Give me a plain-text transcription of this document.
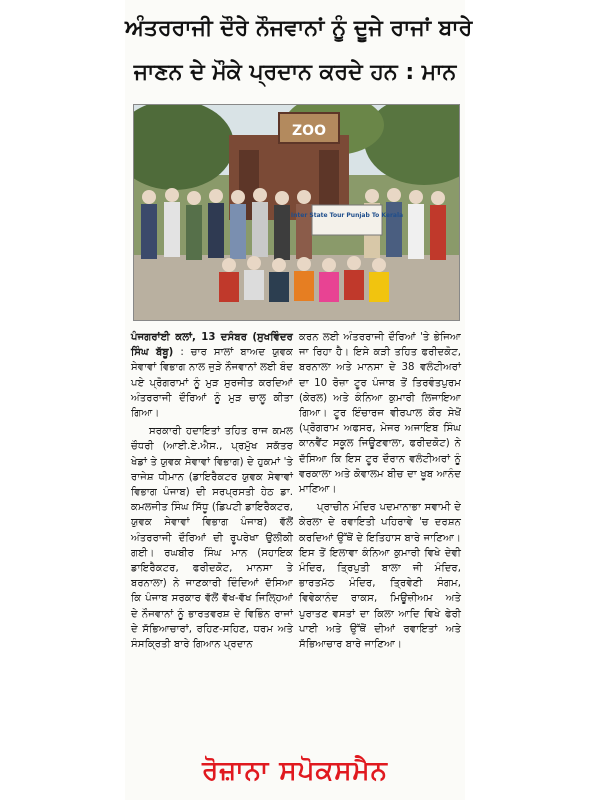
ਅੰਤਰਰਾਜੀ ਦੌਰੇ ਨੌਜਵਾਨਾਂ ਨੂੰ ਦੂਜੇ ਰਾਜਾਂ ਬਾਰੇ
ਜਾਣਨ ਦੇ ਮੌਕੇ ਪ੍ਰਦਾਨ ਕਰਦੇ ਹਨ : ਮਾਨ
ZOO
Inter State Tour Punjab To Kerala

ਪੰਜਗਰਾਂਈ ਕਲਾਂ, 13 ਦਸੰਬਰ (ਸੁਖਵਿੰਦਰ ਸਿੰਘ ਬੱਬੂ) : ਚਾਰ ਸਾਲਾਂ ਬਾਅਦ ਯੁਵਕ ਸੇਵਾਵਾਂ ਵਿਭਾਗ ਨਾਲ ਜੁੜੇ ਨੌਜਵਾਨਾਂ ਲਈ ਬੰਦ ਪਏ ਪ੍ਰੋਗਰਾਮਾਂ ਨੂੰ ਮੁੜ ਸੁਰਜੀਤ ਕਰਦਿਆਂ ਅੰਤਰਰਾਜੀ ਦੌਰਿਆਂ ਨੂੰ ਮੁੜ ਚਾਲੂ ਕੀਤਾ ਗਿਆ।

ਸਰਕਾਰੀ ਹਦਾਇਤਾਂ ਤਹਿਤ ਰਾਜ ਕਮਲ ਚੌਧਰੀ (ਆਈ.ਏ.ਐਸ., ਪ੍ਰਮੁੱਖ ਸਕੱਤਰ ਖੇਡਾਂ ਤੇ ਯੁਵਕ ਸੇਵਾਵਾਂ ਵਿਭਾਗ) ਦੇ ਹੁਕਮਾਂ 'ਤੇ ਰਾਜੇਸ਼ ਧੀਮਾਨ (ਡਾਇਰੈਕਟਰ ਯੁਵਕ ਸੇਵਾਵਾਂ ਵਿਭਾਗ ਪੰਜਾਬ) ਦੀ ਸਰਪ੍ਰਸਤੀ ਹੇਠ ਡਾ. ਕਮਲਜੀਤ ਸਿੰਘ ਸਿੱਧੂ (ਡਿਪਟੀ ਡਾਇਰੈਕਟਰ, ਯੁਵਕ ਸੇਵਾਵਾਂ ਵਿਭਾਗ ਪੰਜਾਬ) ਵੱਲੋਂ ਅੰਤਰਰਾਜੀ ਦੌਰਿਆਂ ਦੀ ਰੂਪਰੇਖਾ ਉਲੀਕੀ ਗਈ। ਰਘਬੀਰ ਸਿੰਘ ਮਾਨ (ਸਹਾਇਕ ਡਾਇਰੈਕਟਰ, ਫਰੀਦਕੋਟ, ਮਾਨਸਾ ਤੇ ਬਰਨਾਲਾ) ਨੇ ਜਾਣਕਾਰੀ ਦਿੰਦਿਆਂ ਦੱਸਿਆ ਕਿ ਪੰਜਾਬ ਸਰਕਾਰ ਵੱਲੋਂ ਵੱਖ-ਵੱਖ ਜਿਲ੍ਹਿਆਂ ਦੇ ਨੌਜਵਾਨਾਂ ਨੂੰ ਭਾਰਤਵਰਸ਼ ਦੇ ਵਿਭਿੰਨ ਰਾਜਾਂ ਦੇ ਸੱਭਿਆਚਾਰਾਂ, ਰਹਿਣ-ਸਹਿਣ, ਧਰਮ ਅਤੇ ਸੰਸਕ੍ਰਿਤੀ ਬਾਰੇ ਗਿਆਨ ਪ੍ਰਦਾਨ

ਕਰਨ ਲਈ ਅੰਤਰਰਾਜੀ ਦੌਰਿਆਂ 'ਤੇ ਭੇਜਿਆ ਜਾ ਰਿਹਾ ਹੈ। ਇਸੇ ਕੜੀ ਤਹਿਤ ਫਰੀਦਕੋਟ, ਬਰਨਾਲਾ ਅਤੇ ਮਾਨਸਾ ਦੇ 38 ਵਲੰਟੀਅਰਾਂ ਦਾ 10 ਰੋਜ਼ਾ ਟੂਰ ਪੰਜਾਬ ਤੋਂ ਤਿਰਵੰਤਪੁਰਮ (ਕੇਰਲ) ਅਤੇ ਕੰਨਿਆ ਕੁਮਾਰੀ ਲਿਜਾਇਆ ਗਿਆ। ਟੂਰ ਇੰਚਾਰਜ ਵੀਰਪਾਲ ਕੌਰ ਸੇਖੋਂ (ਪ੍ਰੋਗਰਾਮ ਅਫਸਰ, ਮੇਜਰ ਅਜਾਇਬ ਸਿੰਘ ਕਾਨਵੈਂਟ ਸਕੂਲ ਜਿਊਣਵਾਲਾ, ਫਰੀਦਕੋਟ) ਨੇ ਦੱਸਿਆ ਕਿ ਇਸ ਟੂਰ ਦੌਰਾਨ ਵਲੰਟੀਅਰਾਂ ਨੂੰ ਵਰਕਾਲਾ ਅਤੇ ਕੋਵਾਲਮ ਬੀਚ ਦਾ ਖੂਬ ਆਨੰਦ ਮਾਣਿਆ।

ਪ੍ਰਾਚੀਨ ਮੰਦਿਰ ਪਦਮਾਨਾਭਾ ਸਵਾਮੀ ਦੇ ਕੇਰਲਾ ਦੇ ਰਵਾਇਤੀ ਪਹਿਰਾਵੇ 'ਚ ਦਰਸ਼ਨ ਕਰਦਿਆਂ ਉੱਥੋਂ ਦੇ ਇਤਿਹਾਸ ਬਾਰੇ ਜਾਣਿਆ। ਇਸ ਤੋਂ ਇਲਾਵਾ ਕੰਨਿਆ ਕੁਮਾਰੀ ਵਿਖੇ ਦੇਵੀ ਮੰਦਿਰ, ਤ੍ਰਿਪੁਤੀ ਬਾਲਾ ਜੀ ਮੰਦਿਰ, ਭਾਰਤਮੱਠ ਮੰਦਿਰ, ਤ੍ਰਿਵੇਣੀ ਸੰਗਮ, ਵਿਵੇਕਾਨੰਦ ਰਾਕਸ, ਮਿਊਜ਼ੀਅਮ ਅਤੇ ਪੁਰਾਤਣ ਵਸਤਾਂ ਦਾ ਕਿਲਾ ਆਦਿ ਵਿਖੇ ਫੇਰੀ ਪਾਈ ਅਤੇ ਉੱਥੋਂ ਦੀਆਂ ਰਵਾਇਤਾਂ ਅਤੇ ਸੱਭਿਆਚਾਰ ਬਾਰੇ ਜਾਣਿਆ।

ਰੋਜ਼ਾਨਾ ਸਪੋਕਸਮੈਨ
